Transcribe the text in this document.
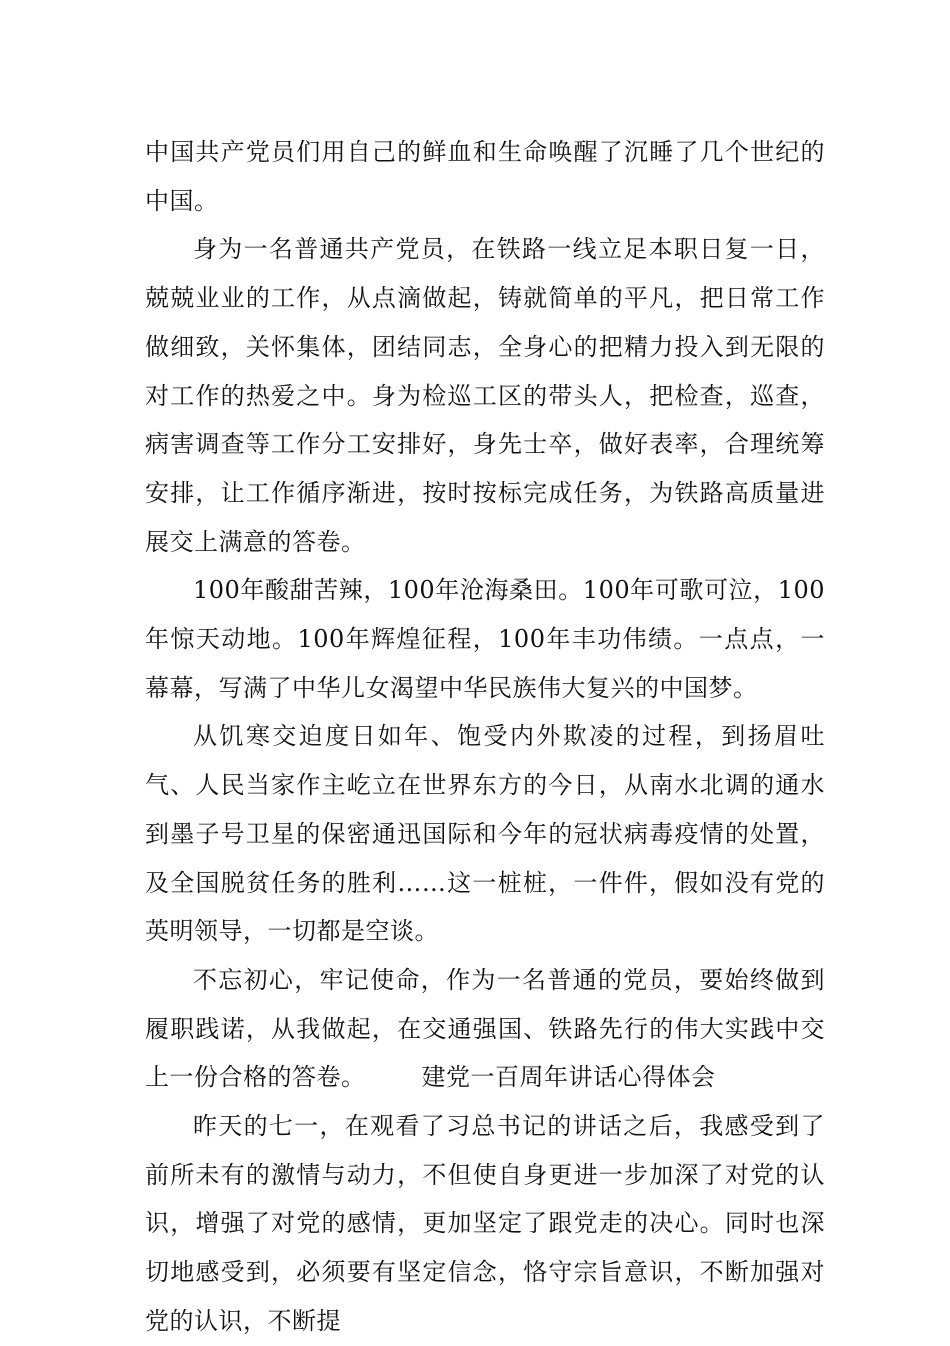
中国共产党员们用自己的鲜血和生命唤醒了沉睡了几个世纪的中国。

身为一名普通共产党员，在铁路一线立足本职日复一日，兢兢业业的工作，从点滴做起，铸就简单的平凡，把日常工作做细致，关怀集体，团结同志，全身心的把精力投入到无限的对工作的热爱之中。身为检巡工区的带头人，把检查，巡查，病害调查等工作分工安排好，身先士卒，做好表率，合理统筹安排，让工作循序渐进，按时按标完成任务，为铁路高质量进展交上满意的答卷。

100年酸甜苦辣，100年沧海桑田。100年可歌可泣，100年惊天动地。100年辉煌征程，100年丰功伟绩。一点点，一幕幕，写满了中华儿女渴望中华民族伟大复兴的中国梦。

从饥寒交迫度日如年、饱受内外欺凌的过程，到扬眉吐气、人民当家作主屹立在世界东方的今日，从南水北调的通水到墨子号卫星的保密通迅国际和今年的冠状病毒疫情的处置，及全国脱贫任务的胜利……这一桩桩，一件件，假如没有党的英明领导，一切都是空谈。

不忘初心，牢记使命，作为一名普通的党员，要始终做到履职践诺，从我做起，在交通强国、铁路先行的伟大实践中交上一份合格的答卷。 建党一百周年讲话心得体会

昨天的七一，在观看了习总书记的讲话之后，我感受到了前所未有的激情与动力，不但使自身更进一步加深了对党的认识，增强了对党的感情，更加坚定了跟党走的决心。同时也深切地感受到，必须要有坚定信念，恪守宗旨意识，不断加强对党的认识，不断提
